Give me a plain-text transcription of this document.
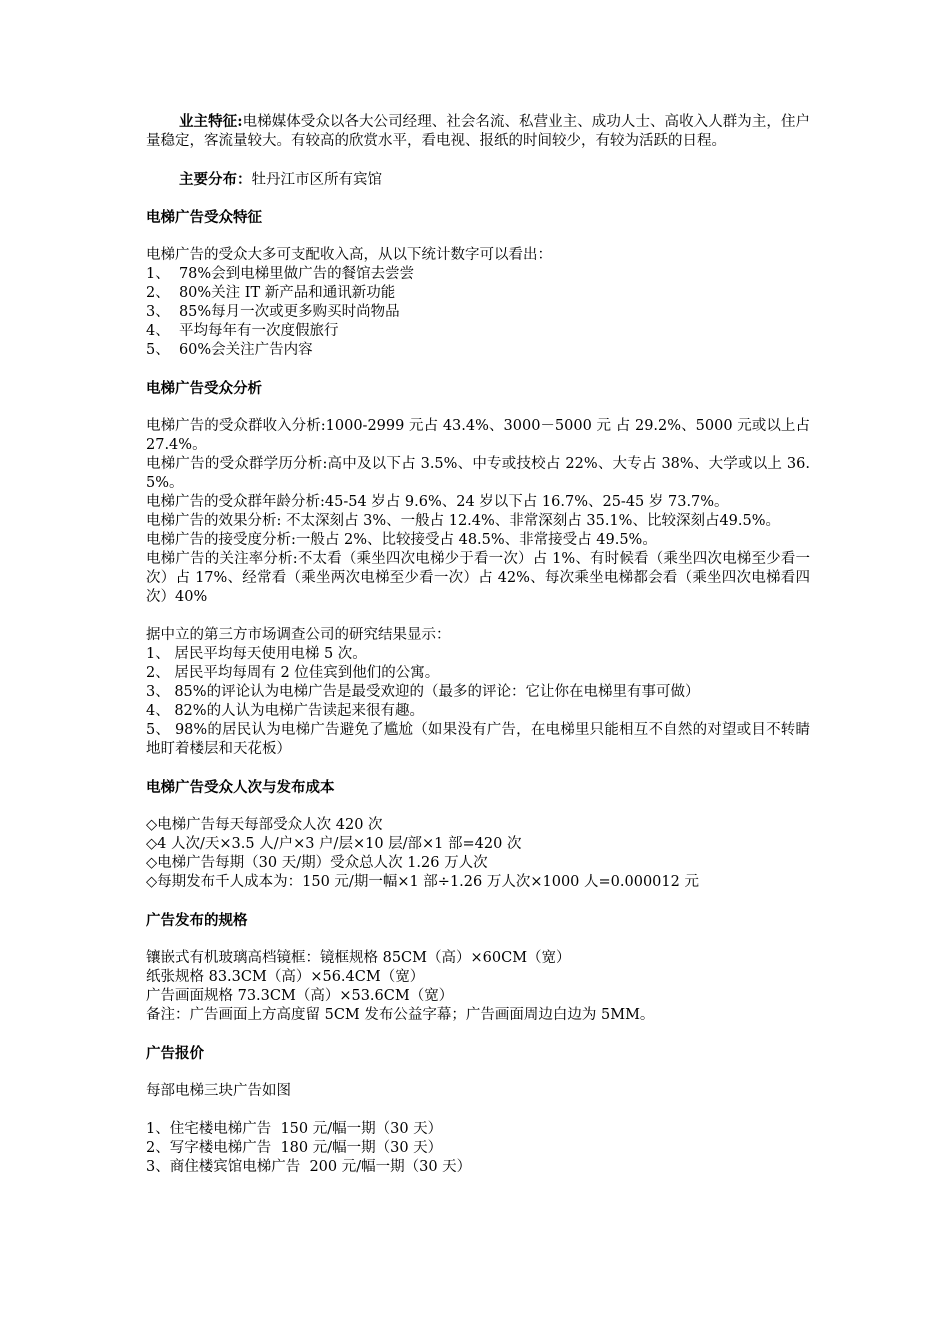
业主特征:电梯媒体受众以各大公司经理、社会名流、私营业主、成功人士、高收入人群为主，住户量稳定，客流量较大。有较高的欣赏水平，看电视、报纸的时间较少，有较为活跃的日程。
主要分布：牡丹江市区所有宾馆
电梯广告受众特征
电梯广告的受众大多可支配收入高，从以下统计数字可以看出：
1、  78%会到电梯里做广告的餐馆去尝尝
2、  80%关注 IT 新产品和通讯新功能
3、  85%每月一次或更多购买时尚物品
4、  平均每年有一次度假旅行
5、  60%会关注广告内容
电梯广告受众分析
电梯广告的受众群收入分析:1000-2999 元占 43.4%、3000－5000 元 占 29.2%、5000 元或以上占 27.4%。
电梯广告的受众群学历分析:高中及以下占 3.5%、中专或技校占 22%、大专占 38%、大学或以上 36.5%。
电梯广告的受众群年龄分析:45-54 岁占 9.6%、24 岁以下占 16.7%、25-45 岁 73.7%。
电梯广告的效果分析: 不太深刻占 3%、一般占 12.4%、非常深刻占 35.1%、比较深刻占49.5%。
电梯广告的接受度分析:一般占 2%、比较接受占 48.5%、非常接受占 49.5%。
电梯广告的关注率分析:不太看（乘坐四次电梯少于看一次）占 1%、有时候看（乘坐四次电梯至少看一次）占 17%、经常看（乘坐两次电梯至少看一次）占 42%、每次乘坐电梯都会看（乘坐四次电梯看四次）40%
据中立的第三方市场调查公司的研究结果显示：
1、 居民平均每天使用电梯 5 次。
2、 居民平均每周有 2 位佳宾到他们的公寓。
3、 85%的评论认为电梯广告是最受欢迎的（最多的评论：它让你在电梯里有事可做）
4、 82%的人认为电梯广告读起来很有趣。
5、 98%的居民认为电梯广告避免了尴尬（如果没有广告，在电梯里只能相互不自然的对望或目不转睛地盯着楼层和天花板）
电梯广告受众人次与发布成本
◇电梯广告每天每部受众人次 420 次
◇4 人次/天×3.5 人/户×3 户/层×10 层/部×1 部=420 次
◇电梯广告每期（30 天/期）受众总人次 1.26 万人次
◇每期发布千人成本为：150 元/期一幅×1 部÷1.26 万人次×1000 人=0.000012 元
广告发布的规格
镶嵌式有机玻璃高档镜框：镜框规格 85CM（高）×60CM（宽）
纸张规格 83.3CM（高）×56.4CM（宽）
广告画面规格 73.3CM（高）×53.6CM（宽）
备注：广告画面上方高度留 5CM 发布公益字幕；广告画面周边白边为 5MM。
广告报价
每部电梯三块广告如图
1、住宅楼电梯广告  150 元/幅一期（30 天）
2、写字楼电梯广告  180 元/幅一期（30 天）
3、商住楼宾馆电梯广告  200 元/幅一期（30 天）
